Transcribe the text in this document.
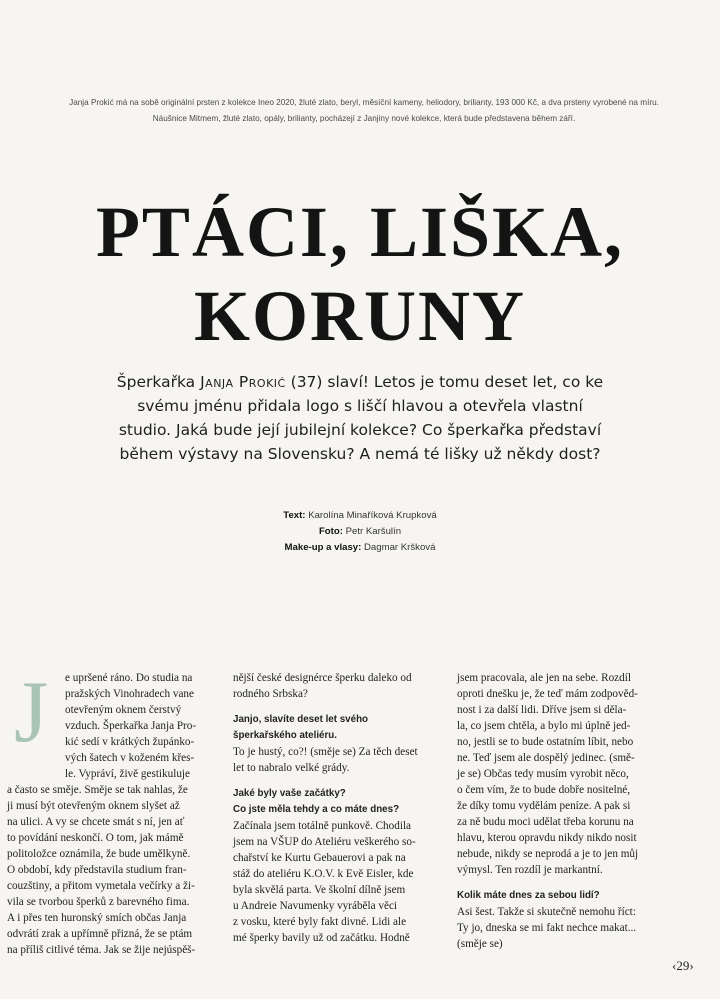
Janja Prokić má na sobě originální prsten z kolekce Ineo 2020, žluté zlato, beryl, měsíční kameny, heliodory, brilianty, 193 000 Kč, a dva prsteny vyrobené na míru.
Náušnice Mitmem, žluté zlato, opály, brilianty, pocházejí z Janjiny nové kolekce, která bude představena během září.
PTÁCI, LIŠKA,
KORUNY
Šperkařka Janja Prokić (37) slaví! Letos je tomu deset let, co ke svému jménu přidala logo s liščí hlavou a otevřela vlastní studio. Jaká bude její jubilejní kolekce? Co šperkařka představí během výstavy na Slovensku? A nemá té lišky už někdy dost?
Text: Karolína Minaříková Krupková
Foto: Petr Karšulín
Make-up a vlasy: Dagmar Kršková
J	e upršené ráno. Do studia na
pražských Vinohradech vane
otevřeným oknem čerstvý
vzduch. Šperkařka Janja Pro-
kić sedí v krátkých župánko-
vých šatech v koženém křes-
le. Vypráví, živě gestikuluje
a často se směje. Směje se tak nahlas, že
ji musí být otevřeným oknem slyšet až
na ulici. A vy se chcete smát s ní, jen ať
to povídání neskončí. O tom, jak mámě
politoložce oznámila, že bude umělkyně.
O období, kdy představila studium fran-
couzštiny, a přitom vymetala večírky a ži-
vila se tvorbou šperků z barevného fima.
A i přes ten huronský smích občas Janja
odvrátí zrak a upřímně přizná, že se ptám
na příliš citlivé téma. Jak se žije nejúspěš-
nější české designérce šperku daleko od
rodného Srbska?
Janjo, slavíte deset let svého
šperkařského ateliéru.
To je hustý, co?! (směje se) Za těch deset
let to nabralo velké grády.
Jaké byly vaše začátky?
Co jste měla tehdy a co máte dnes?
Začínala jsem totálně punkově. Chodila
jsem na VŠUP do Ateliéru veškerého so-
chařství ke Kurtu Gebauerovi a pak na
stáž do ateliéru K.O.V. k Evě Eisler, kde
byla skvělá parta. Ve školní dílně jsem
u Andreie Navumenky vyráběla věci
z vosku, které byly fakt divné. Lidi ale
mé šperky bavily už od začátku. Hodně
jsem pracovala, ale jen na sebe. Rozdíl
oproti dnešku je, že teď mám zodpověd-
nost i za další lidi. Dříve jsem si děla-
la, co jsem chtěla, a bylo mi úplně jed-
no, jestli se to bude ostatním líbit, nebo
ne. Teď jsem ale dospělý jedinec. (smě-
je se) Občas tedy musím vyrobit něco,
o čem vím, že to bude dobře nositelné,
že díky tomu vydělám peníze. A pak si
za ně budu moci udělat třeba korunu na
hlavu, kterou opravdu nikdy nikdo nosit
nebude, nikdy se neprodá a je to jen můj
výmysl. Ten rozdíl je markantní.
Kolik máte dnes za sebou lidí?
Asi šest. Takže si skutečně nemohu říct:
Ty jo, dneska se mi fakt nechce makat...
(směje se)
‹29›
